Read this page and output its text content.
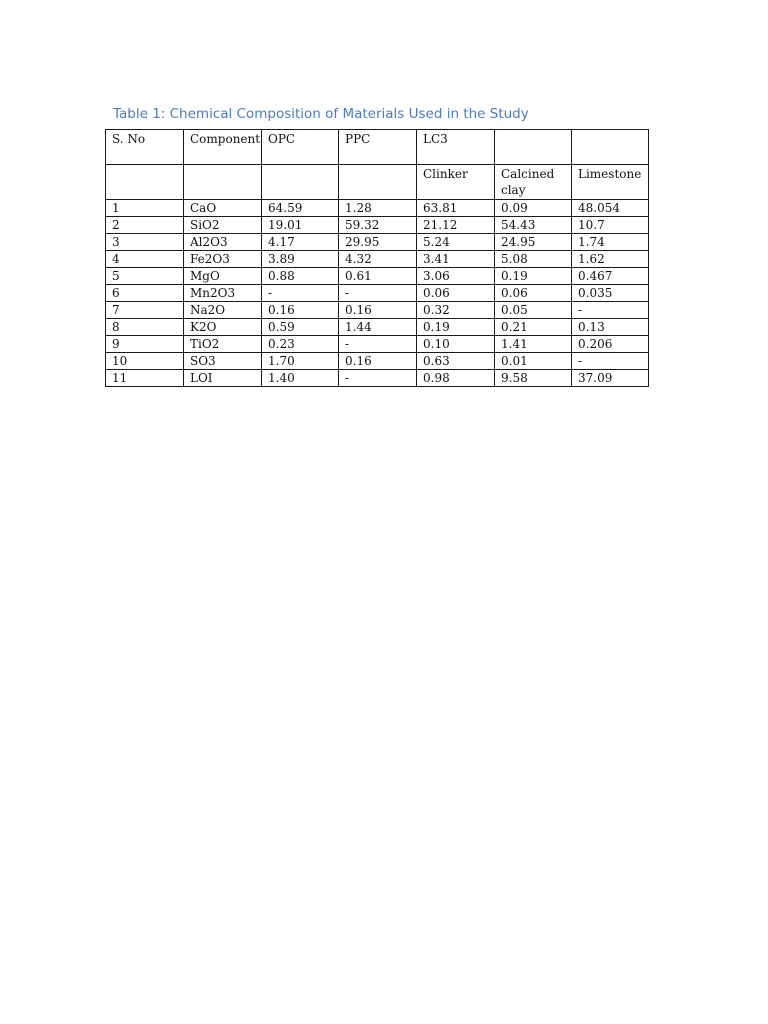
Table 1: Chemical Composition of Materials Used in the Study
S. No	Component	OPC	PPC	LC3		
				Clinker	Calcined clay	Limestone
1	CaO	64.59	1.28	63.81	0.09	48.054
2	SiO2	19.01	59.32	21.12	54.43	10.7
3	Al2O3	4.17	29.95	5.24	24.95	1.74
4	Fe2O3	3.89	4.32	3.41	5.08	1.62
5	MgO	0.88	0.61	3.06	0.19	0.467
6	Mn2O3	-	-	0.06	0.06	0.035
7	Na2O	0.16	0.16	0.32	0.05	-
8	K2O	0.59	1.44	0.19	0.21	0.13
9	TiO2	0.23	-	0.10	1.41	0.206
10	SO3	1.70	0.16	0.63	0.01	-
11	LOI	1.40	-	0.98	9.58	37.09
